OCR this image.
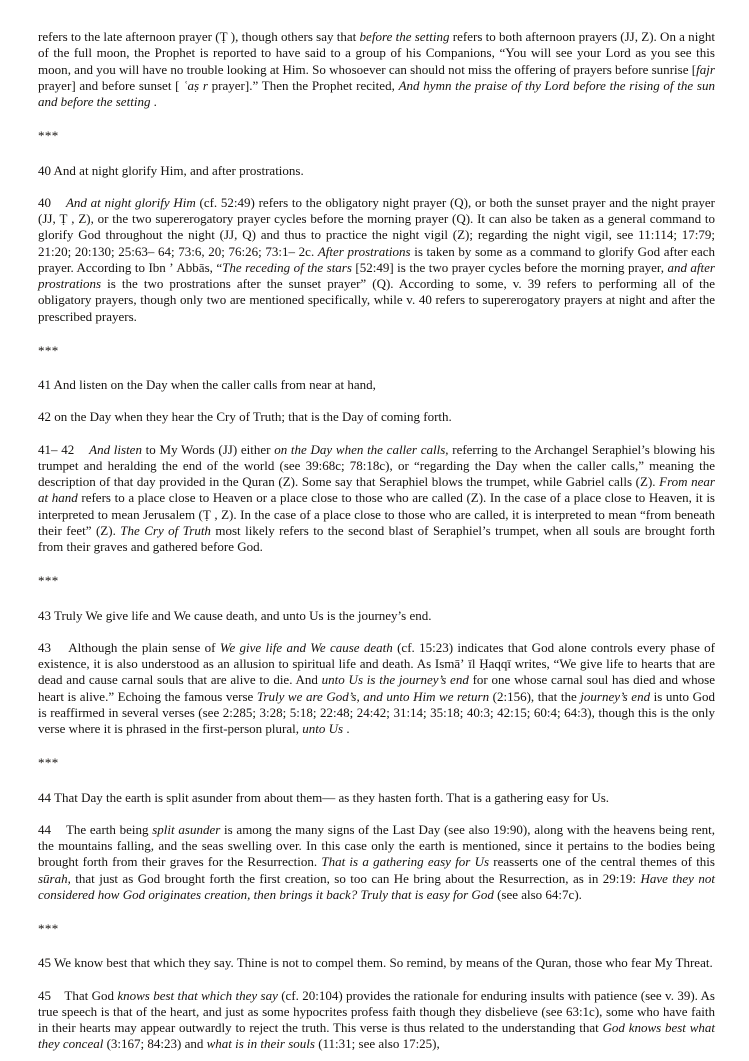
refers to the late afternoon prayer (Ṭ ), though others say that before the setting refers to both afternoon prayers (JJ, Z). On a night of the full moon, the Prophet is reported to have said to a group of his Companions, “You will see your Lord as you see this moon, and you will have no trouble looking at Him. So whosoever can should not miss the offering of prayers before sunrise [fajr prayer] and before sunset [ ʿaṣ r prayer].” Then the Prophet recited, And hymn the praise of thy Lord before the rising of the sun and before the setting .

***

40 And at night glorify Him, and after prostrations.

40 And at night glorify Him (cf. 52:49) refers to the obligatory night prayer (Q), or both the sunset prayer and the night prayer (JJ, Ṭ , Z), or the two supererogatory prayer cycles before the morning prayer (Q). It can also be taken as a general command to glorify God throughout the night (JJ, Q) and thus to practice the night vigil (Z); regarding the night vigil, see 11:114; 17:79; 21:20; 20:130; 25:63– 64; 73:6, 20; 76:26; 73:1– 2c. After prostrations is taken by some as a command to glorify God after each prayer. According to Ibn ʼ Abbās, “The receding of the stars [52:49] is the two prayer cycles before the morning prayer, and after prostrations is the two prostrations after the sunset prayer” (Q). According to some, v. 39 refers to performing all of the obligatory prayers, though only two are mentioned specifically, while v. 40 refers to supererogatory prayers at night and after the prescribed prayers.

***

41 And listen on the Day when the caller calls from near at hand,

42 on the Day when they hear the Cry of Truth; that is the Day of coming forth.

41– 42 And listen to My Words (JJ) either on the Day when the caller calls, referring to the Archangel Seraphiel’s blowing his trumpet and heralding the end of the world (see 39:68c; 78:18c), or “regarding the Day when the caller calls,” meaning the description of that day provided in the Quran (Z). Some say that Seraphiel blows the trumpet, while Gabriel calls (Z). From near at hand refers to a place close to Heaven or a place close to those who are called (Z). In the case of a place close to Heaven, it is interpreted to mean Jerusalem (Ṭ , Z). In the case of a place close to those who are called, it is interpreted to mean “from beneath their feet” (Z). The Cry of Truth most likely refers to the second blast of Seraphiel’s trumpet, when all souls are brought forth from their graves and gathered before God.

***

43 Truly We give life and We cause death, and unto Us is the journey’s end.

43    Although the plain sense of We give life and We cause death (cf. 15:23) indicates that God alone controls every phase of existence, it is also understood as an allusion to spiritual life and death. As Ismāʼ īl Ḥaqqī writes, “We give life to hearts that are dead and cause carnal souls that are alive to die. And unto Us is the journey’s end for one whose carnal soul has died and whose heart is alive.” Echoing the famous verse Truly we are God’s, and unto Him we return (2:156), that the journey’s end is unto God is reaffirmed in several verses (see 2:285; 3:28; 5:18; 22:48; 24:42; 31:14; 35:18; 40:3; 42:15; 60:4; 64:3), though this is the only verse where it is phrased in the first-person plural, unto Us .

***

44 That Day the earth is split asunder from about them— as they hasten forth. That is a gathering easy for Us.

44    The earth being split asunder is among the many signs of the Last Day (see also 19:90), along with the heavens being rent, the mountains falling, and the seas swelling over. In this case only the earth is mentioned, since it pertains to the bodies being brought forth from their graves for the Resurrection. That is a gathering easy for Us reasserts one of the central themes of this sūrah, that just as God brought forth the first creation, so too can He bring about the Resurrection, as in 29:19: Have they not considered how God originates creation, then brings it back? Truly that is easy for God (see also 64:7c).

***

45 We know best that which they say. Thine is not to compel them. So remind, by means of the Quran, those who fear My Threat.

45    That God knows best that which they say (cf. 20:104) provides the rationale for enduring insults with patience (see v. 39). As true speech is that of the heart, and just as some hypocrites profess faith though they disbelieve (see 63:1c), some who have faith in their hearts may appear outwardly to reject the truth. This verse is thus related to the understanding that God knows best what they conceal (3:167; 84:23) and what is in their souls (11:31; see also 17:25),
